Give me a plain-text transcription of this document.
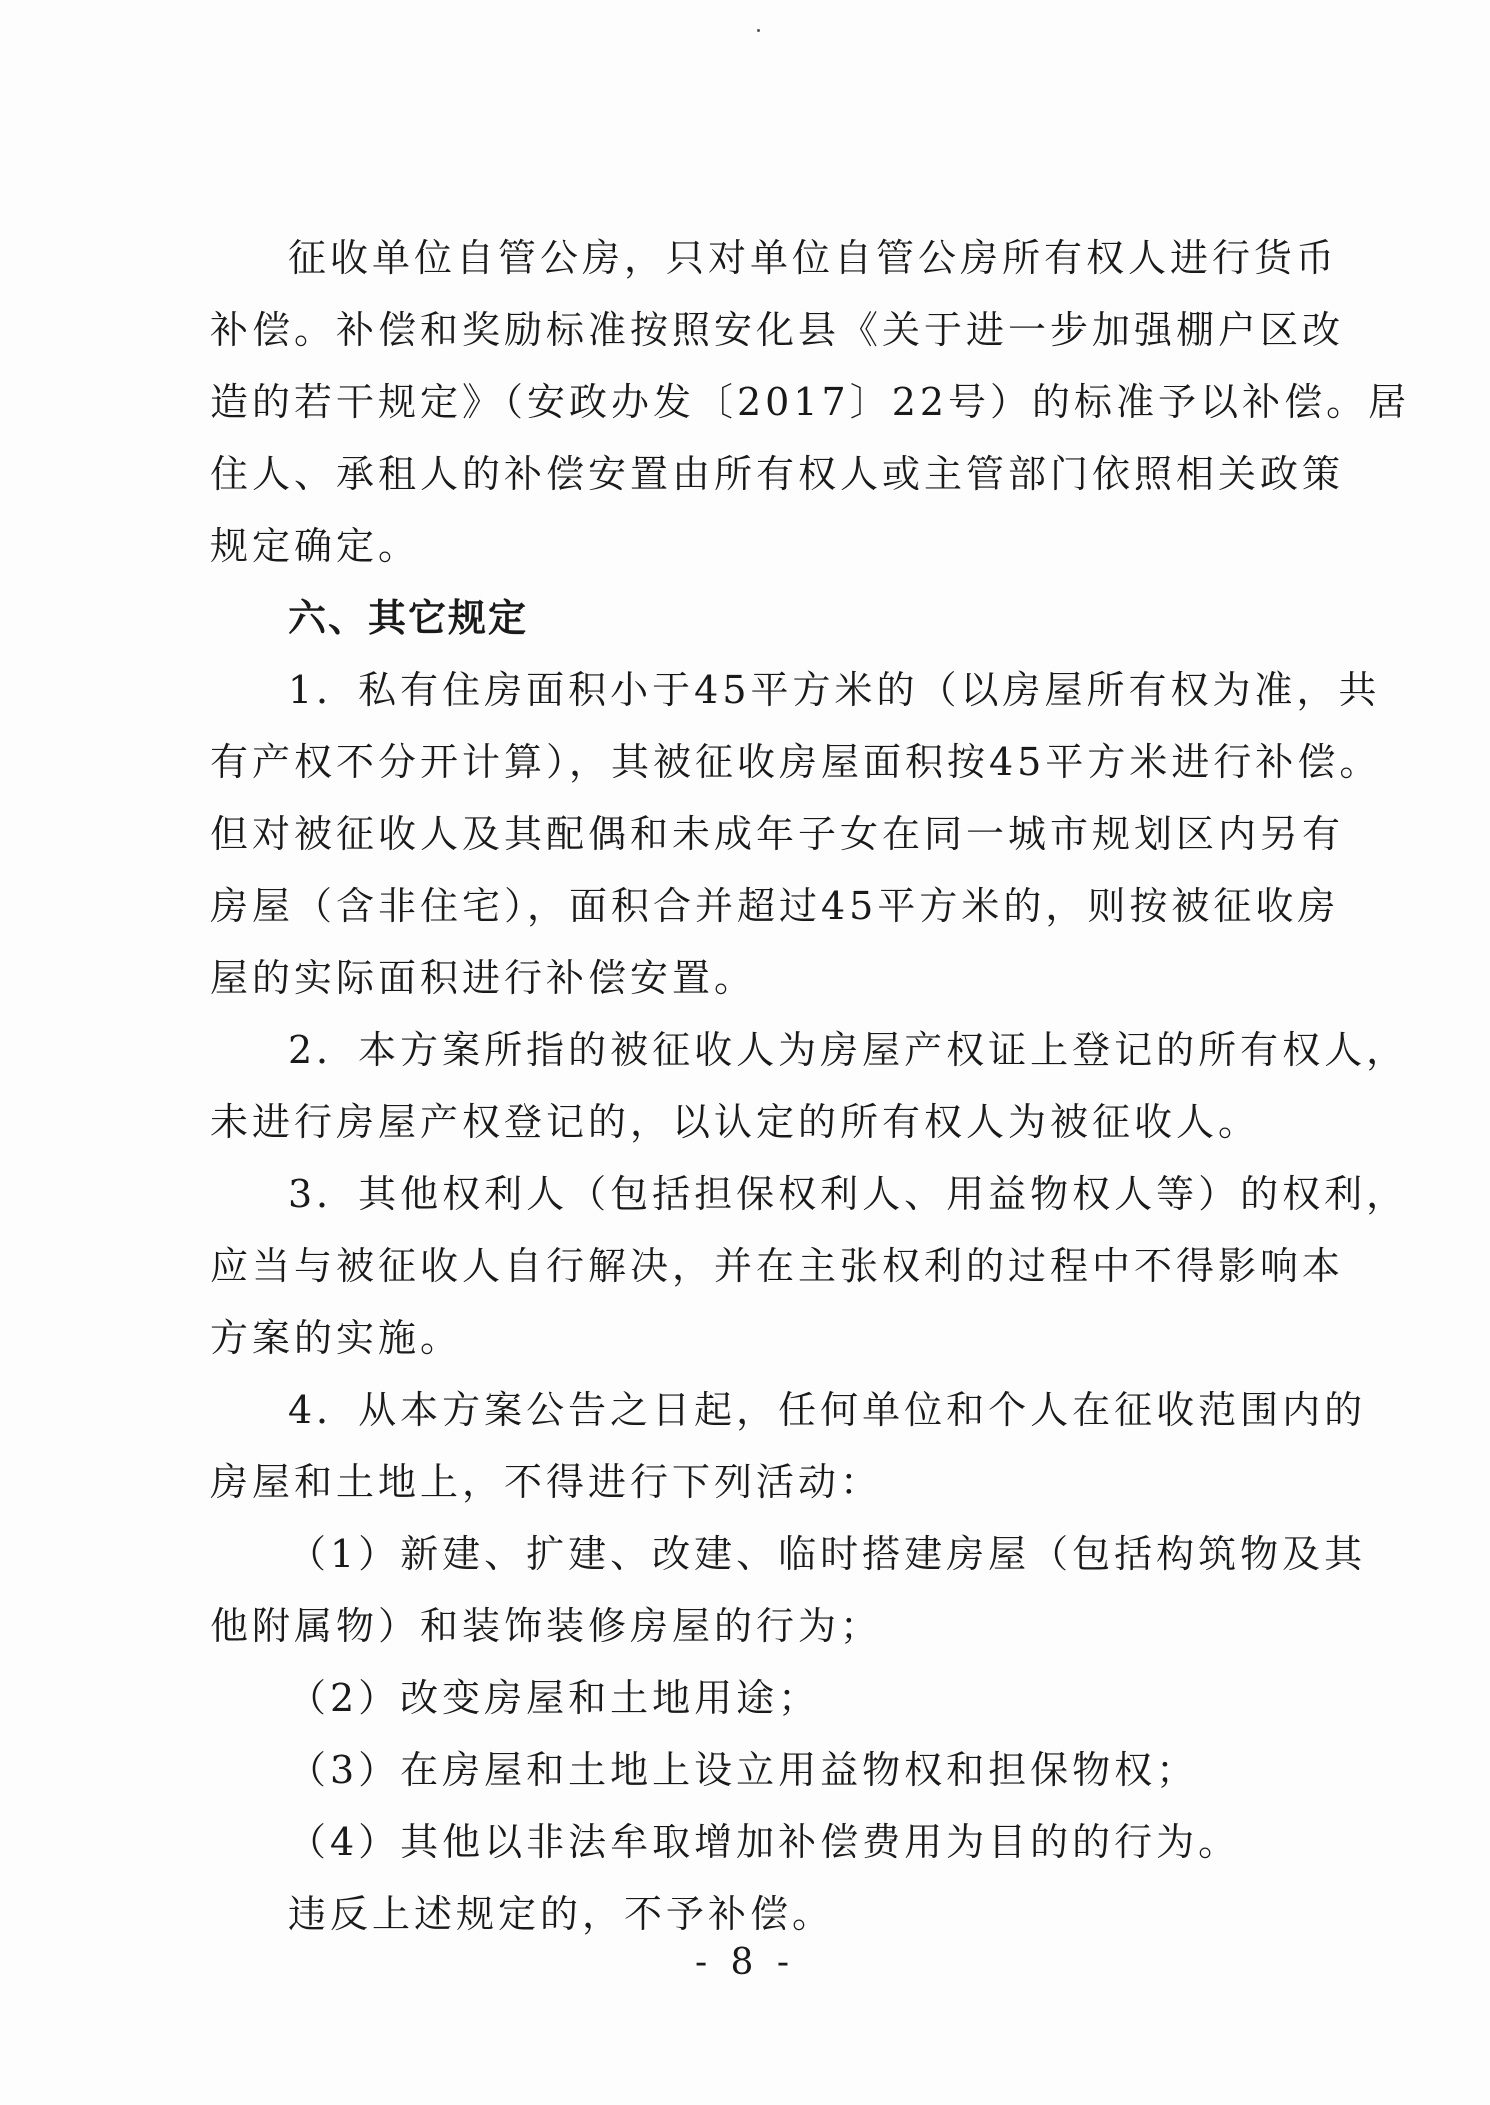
征收单位自管公房，只对单位自管公房所有权人进行货币
补偿。补偿和奖励标准按照安化县《关于进一步加强棚户区改
造的若干规定》（安政办发〔2017〕22号）的标准予以补偿。居
住人、承租人的补偿安置由所有权人或主管部门依照相关政策
规定确定。
六、其它规定
1．私有住房面积小于45平方米的（以房屋所有权为准，共
有产权不分开计算），其被征收房屋面积按45平方米进行补偿。
但对被征收人及其配偶和未成年子女在同一城市规划区内另有
房屋（含非住宅），面积合并超过45平方米的，则按被征收房
屋的实际面积进行补偿安置。
2．本方案所指的被征收人为房屋产权证上登记的所有权人，
未进行房屋产权登记的，以认定的所有权人为被征收人。
3．其他权利人（包括担保权利人、用益物权人等）的权利，
应当与被征收人自行解决，并在主张权利的过程中不得影响本
方案的实施。
4．从本方案公告之日起，任何单位和个人在征收范围内的
房屋和土地上，不得进行下列活动：
（1）新建、扩建、改建、临时搭建房屋（包括构筑物及其
他附属物）和装饰装修房屋的行为；
（2）改变房屋和土地用途；
（3）在房屋和土地上设立用益物权和担保物权；
（4）其他以非法牟取增加补偿费用为目的的行为。
违反上述规定的，不予补偿。
- 8 -
